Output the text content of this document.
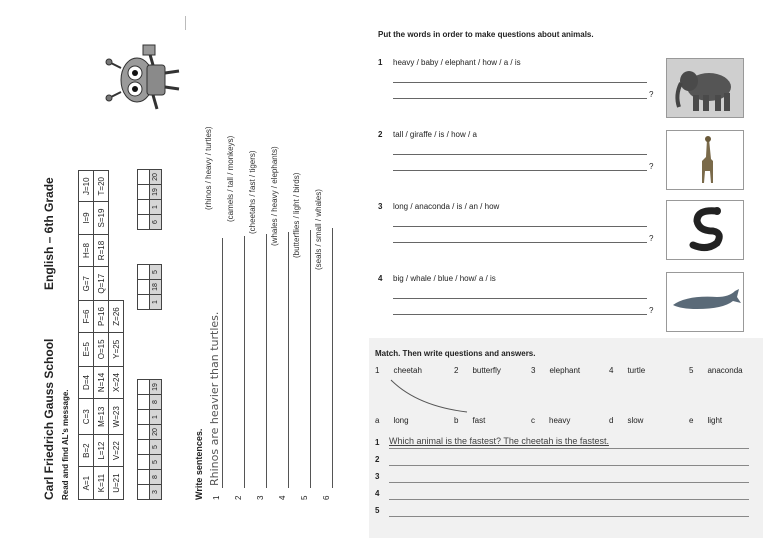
Carl Friedrich Gauss School
English – 6th Grade
Read and find AL's message. A=1	B=2	C=3	D=4	E=5	F=6	G=7	H=8	I=9	J=10
K=11	L=12	M=13	N=14	O=15	P=16	Q=17	R=18	S=19	T=20
U=21	V=22	W=23	X=24	Y=25	Z=26				

3	8	5	5	20	1	8	19

1	18	5

6	1	19	20
Write sentences. 1
Rhinos are heavier than turtles.
(rhinos / heavy / turtles)
2
(camels / tall / monkeys)
3
(cheetahs / fast / tigers)
4
(whales / heavy / elephants)
5
(butterflies / light / birds)
6
(seals / small / whales)
Put the words in order to make questions about animals.
1 heavy / baby / elephant / how / a / is
?
2 tall / giraffe / is / how / a
?
3 long / anaconda / is / an / how
?
4 big / whale / blue / how/ a / is
?
Match. Then write questions and answers.
1 cheetah	2 butterfly	3 elephant	4 turtle	5 anaconda
a long	b fast	c heavy	d slow	e light
1 Which animal is the fastest? The cheetah is the fastest.
2
3
4
5
